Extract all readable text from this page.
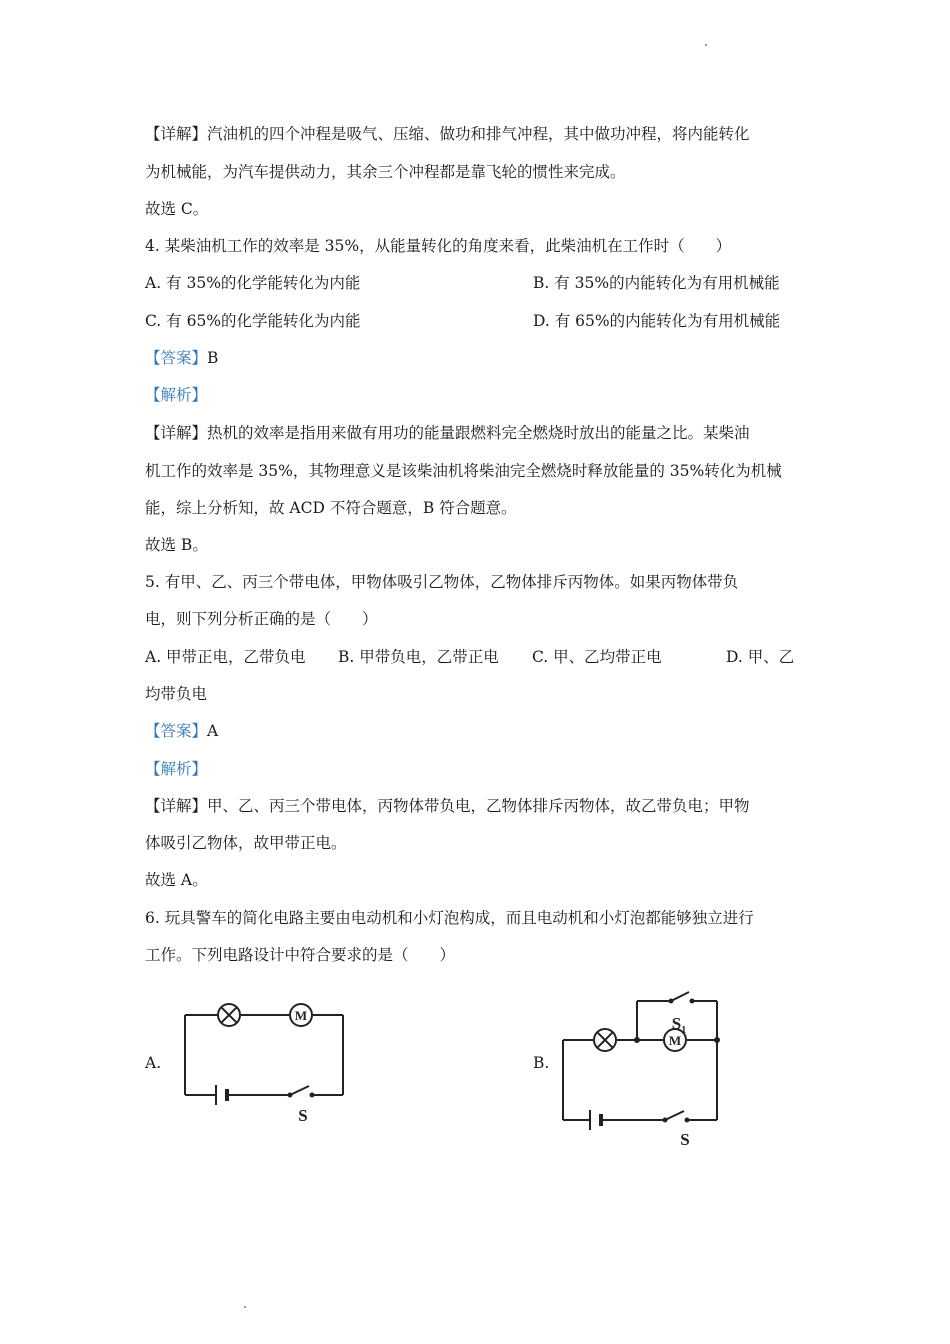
【详解】汽油机的四个冲程是吸气、压缩、做功和排气冲程，其中做功冲程，将内能转化
为机械能，为汽车提供动力，其余三个冲程都是靠飞轮的惯性来完成。
故选 C。
4. 某柴油机工作的效率是 35%，从能量转化的角度来看，此柴油机在工作时（　　）
A. 有 35%的化学能转化为内能	B. 有 35%的内能转化为有用机械能
C. 有 65%的化学能转化为内能	D. 有 65%的内能转化为有用机械能
【答案】B
【解析】
【详解】热机的效率是指用来做有用功的能量跟燃料完全燃烧时放出的能量之比。某柴油
机工作的效率是 35%，其物理意义是该柴油机将柴油完全燃烧时释放能量的 35%转化为机械
能，综上分析知，故 ACD 不符合题意，B 符合题意。
故选 B。
5. 有甲、乙、丙三个带电体，甲物体吸引乙物体，乙物体排斥丙物体。如果丙物体带负
电，则下列分析正确的是（　　）
A. 甲带正电，乙带负电 B. 甲带负电，乙带正电 C. 甲、乙均带正电	D. 甲、乙
均带负电
【答案】A
【解析】
【详解】甲、乙、丙三个带电体，丙物体带负电，乙物体排斥丙物体，故乙带负电；甲物
体吸引乙物体，故甲带正电。
故选 A。
6. 玩具警车的简化电路主要由电动机和小灯泡构成，而且电动机和小灯泡都能够独立进行
工作。下列电路设计中符合要求的是（　　）
A.	B.
M
S
M
$S_1$
S
